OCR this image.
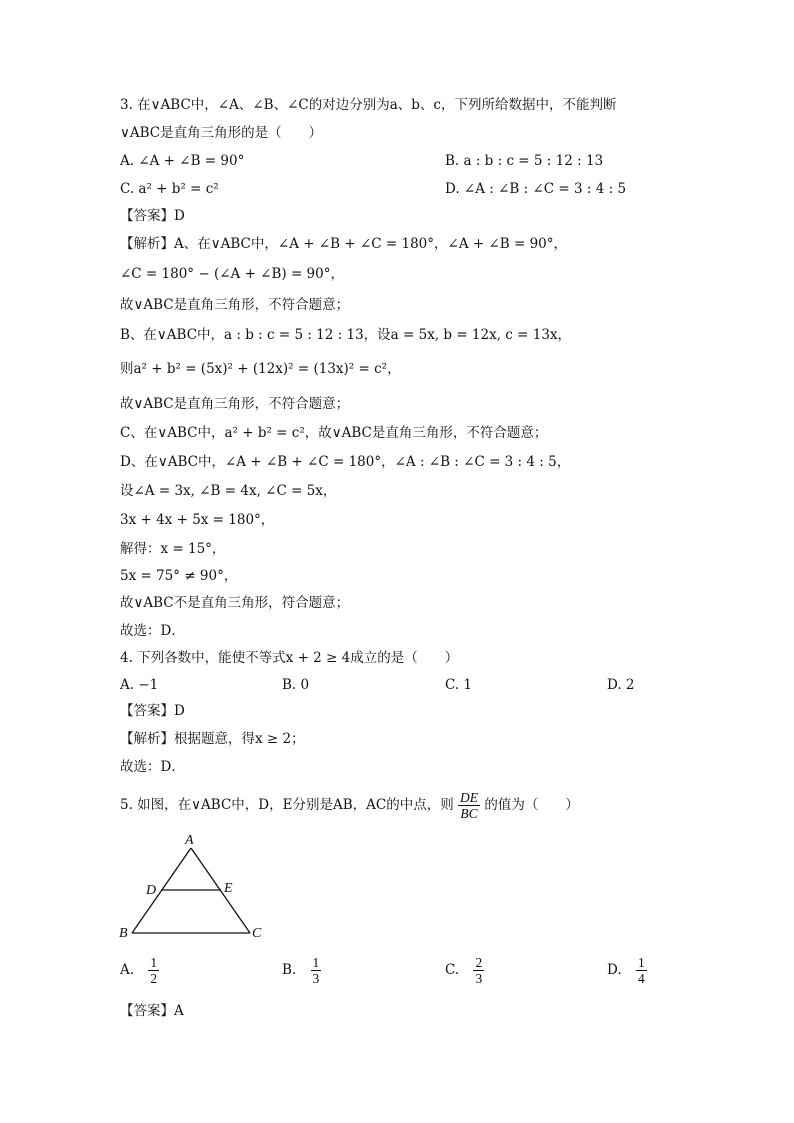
3. 在∨ABC中，∠A、∠B、∠C的对边分别为a、b、c，下列所给数据中，不能判断
∨ABC是直角三角形的是（　　）
A. ∠A + ∠B = 90°	B. a : b : c = 5 : 12 : 13
C. a² + b² = c²	D. ∠A : ∠B : ∠C = 3 : 4 : 5
【答案】D
【解析】A、在∨ABC中，∠A + ∠B + ∠C = 180°，∠A + ∠B = 90°，
∠C = 180° − (∠A + ∠B) = 90°，
故∨ABC是直角三角形，不符合题意；
B、在∨ABC中，a : b : c = 5 : 12 : 13，设a = 5x, b = 12x, c = 13x，
则a² + b² = (5x)² + (12x)² = (13x)² = c²，
故∨ABC是直角三角形，不符合题意；
C、在∨ABC中，a² + b² = c²，故∨ABC是直角三角形，不符合题意；
D、在∨ABC中，∠A + ∠B + ∠C = 180°，∠A : ∠B : ∠C = 3 : 4 : 5，
设∠A = 3x, ∠B = 4x, ∠C = 5x，
3x + 4x + 5x = 180°，
解得：x = 15°，
5x = 75° ≠ 90°，
故∨ABC不是直角三角形，符合题意；
故选：D．
4. 下列各数中，能使不等式x + 2 ≥ 4成立的是（　　）
A. −1	B. 0	C. 1	D. 2
【答案】D
【解析】根据题意，得x ≥ 2；
故选：D．
5. 如图，在∨ABC中，D，E分别是AB，AC的中点，则 $\frac{DE}{BC}$ 的值为（　　）
A
D	E
B	C
A. $\frac{1}{2}$	B. $\frac{1}{3}$	C. $\frac{2}{3}$	D. $\frac{1}{4}$
【答案】A
